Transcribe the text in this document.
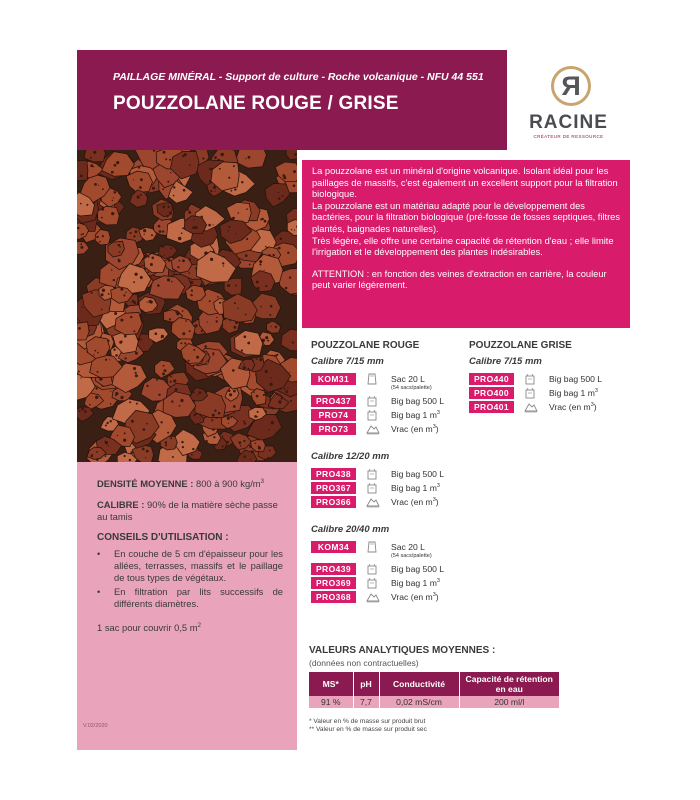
PAILLAGE MINÉRAL - Support de culture - Roche volcanique - NFU 44 551
POUZZOLANE ROUGE / GRISE
R
RACINE
CRÉATEUR DE RESSOURCE

DENSITÉ MOYENNE : 800 à 900 $kg/m^3$

CALIBRE : 90% de la matière sèche passe au tamis

CONSEILS D'UTILISATION :
• En couche de 5 cm d'épaisseur pour les allées, terrasses, massifs et le paillage de tous types de végétaux.
• En filtration par lits successifs de différents diamètres.

1 sac pour couvrir 0,5 $m^2$

V.02/2020

La pouzzolane est un minéral d'origine volcanique. Isolant idéal pour les paillages de massifs, c'est également un excellent support pour la filtration biologique.

La pouzzolane est un matériau adapté pour le développement des bactéries, pour la filtration biologique (pré-fosse de fosses septiques, filtres plantés, baignades naturelles).

Très légère, elle offre une certaine capacité de rétention d'eau ; elle limite l'irrigation et le développement des plantes indésirables.

ATTENTION : en fonction des veines d'extraction en carrière, la couleur peut varier légèrement.

POUZZOLANE ROUGE
Calibre 7/15 mm
KOM31	Sac 20 L
(54 sacs/palette)
PRO437	Big bag 500 L
PRO74	Big bag 1 $m^3$
PRO73	Vrac (en $m^3$)
Calibre 12/20 mm
PRO438	Big bag 500 L
PRO367	Big bag 1 $m^3$
PRO366	Vrac (en $m^3$)
Calibre 20/40 mm
KOM34	Sac 20 L
(54 sacs/palette)
PRO439	Big bag 500 L
PRO369	Big bag 1 $m^3$
PRO368	Vrac (en $m^3$)
POUZZOLANE GRISE
Calibre 7/15 mm
PRO440	Big bag 500 L
PRO400	Big bag 1 $m^3$
PRO401	Vrac (en $m^3$)
VALEURS ANALYTIQUES MOYENNES :
(données non contractuelles)
MS*	pH	Conductivité	Capacité de rétention en eau
91 %	7,7	0,02 mS/cm	200 ml/l
* Valeur en % de masse sur produit brut
** Valeur en % de masse sur produit sec
